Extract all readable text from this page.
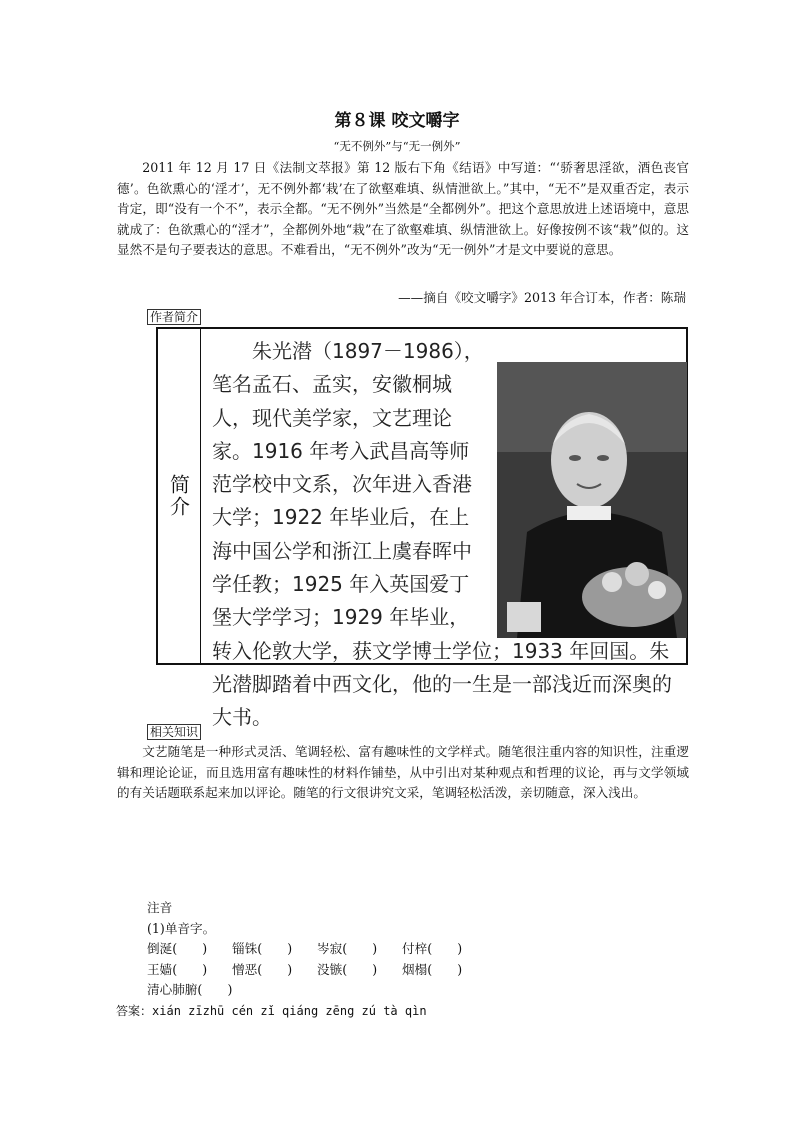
第８课 咬文嚼字
“无不例外”与“无一例外”
2011 年 12 月 17 日《法制文萃报》第 12 版右下角《结语》中写道：“‘骄奢思淫欲，酒色丧官德’。色欲熏心的‘淫才’，无不例外都‘栽’在了欲壑难填、纵情泄欲上。”其中，“无不”是双重否定，表示肯定，即“没有一个不”，表示全都。“无不例外”当然是“全都例外”。把这个意思放进上述语境中，意思就成了：色欲熏心的“淫才”，全都例外地“栽”在了欲壑难填、纵情泄欲上。好像按例不该“栽”似的。这显然不是句子要表达的意思。不难看出，“无不例外”改为“无一例外”才是文中要说的意思。
——摘自《咬文嚼字》2013 年合订本，作者：陈瑞
作者简介
简介
朱光潜（1897－1986），笔名孟石、孟实，安徽桐城人，现代美学家，文艺理论家。1916 年考入武昌高等师范学校中文系，次年进入香港大学；1922 年毕业后，在上海中国公学和浙江上虞春晖中学任教；1925 年入英国爱丁堡大学学习；1929 年毕业，转入伦敦大学，获文学博士学位；1933 年回国。朱光潜脚踏着中西文化，他的一生是一部浅近而深奥的大书。
相关知识
文艺随笔是一种形式灵活、笔调轻松、富有趣味性的文学样式。随笔很注重内容的知识性，注重逻辑和理论论证，而且选用富有趣味性的材料作铺垫，从中引出对某种观点和哲理的议论，再与文学领域的有关话题联系起来加以评论。随笔的行文很讲究文采，笔调轻松活泼，亲切随意，深入浅出。
注音
(1)单音字。
倒涎(　　)	锱铢(　　)	岑寂(　　)	付梓(　　)
王嫱(　　)	憎恶(　　)	没镞(　　)	烟榻(　　)
清心肺腑(　　)
答案：xián zīzhū cén zǐ qiáng zēng zú tà qìn
